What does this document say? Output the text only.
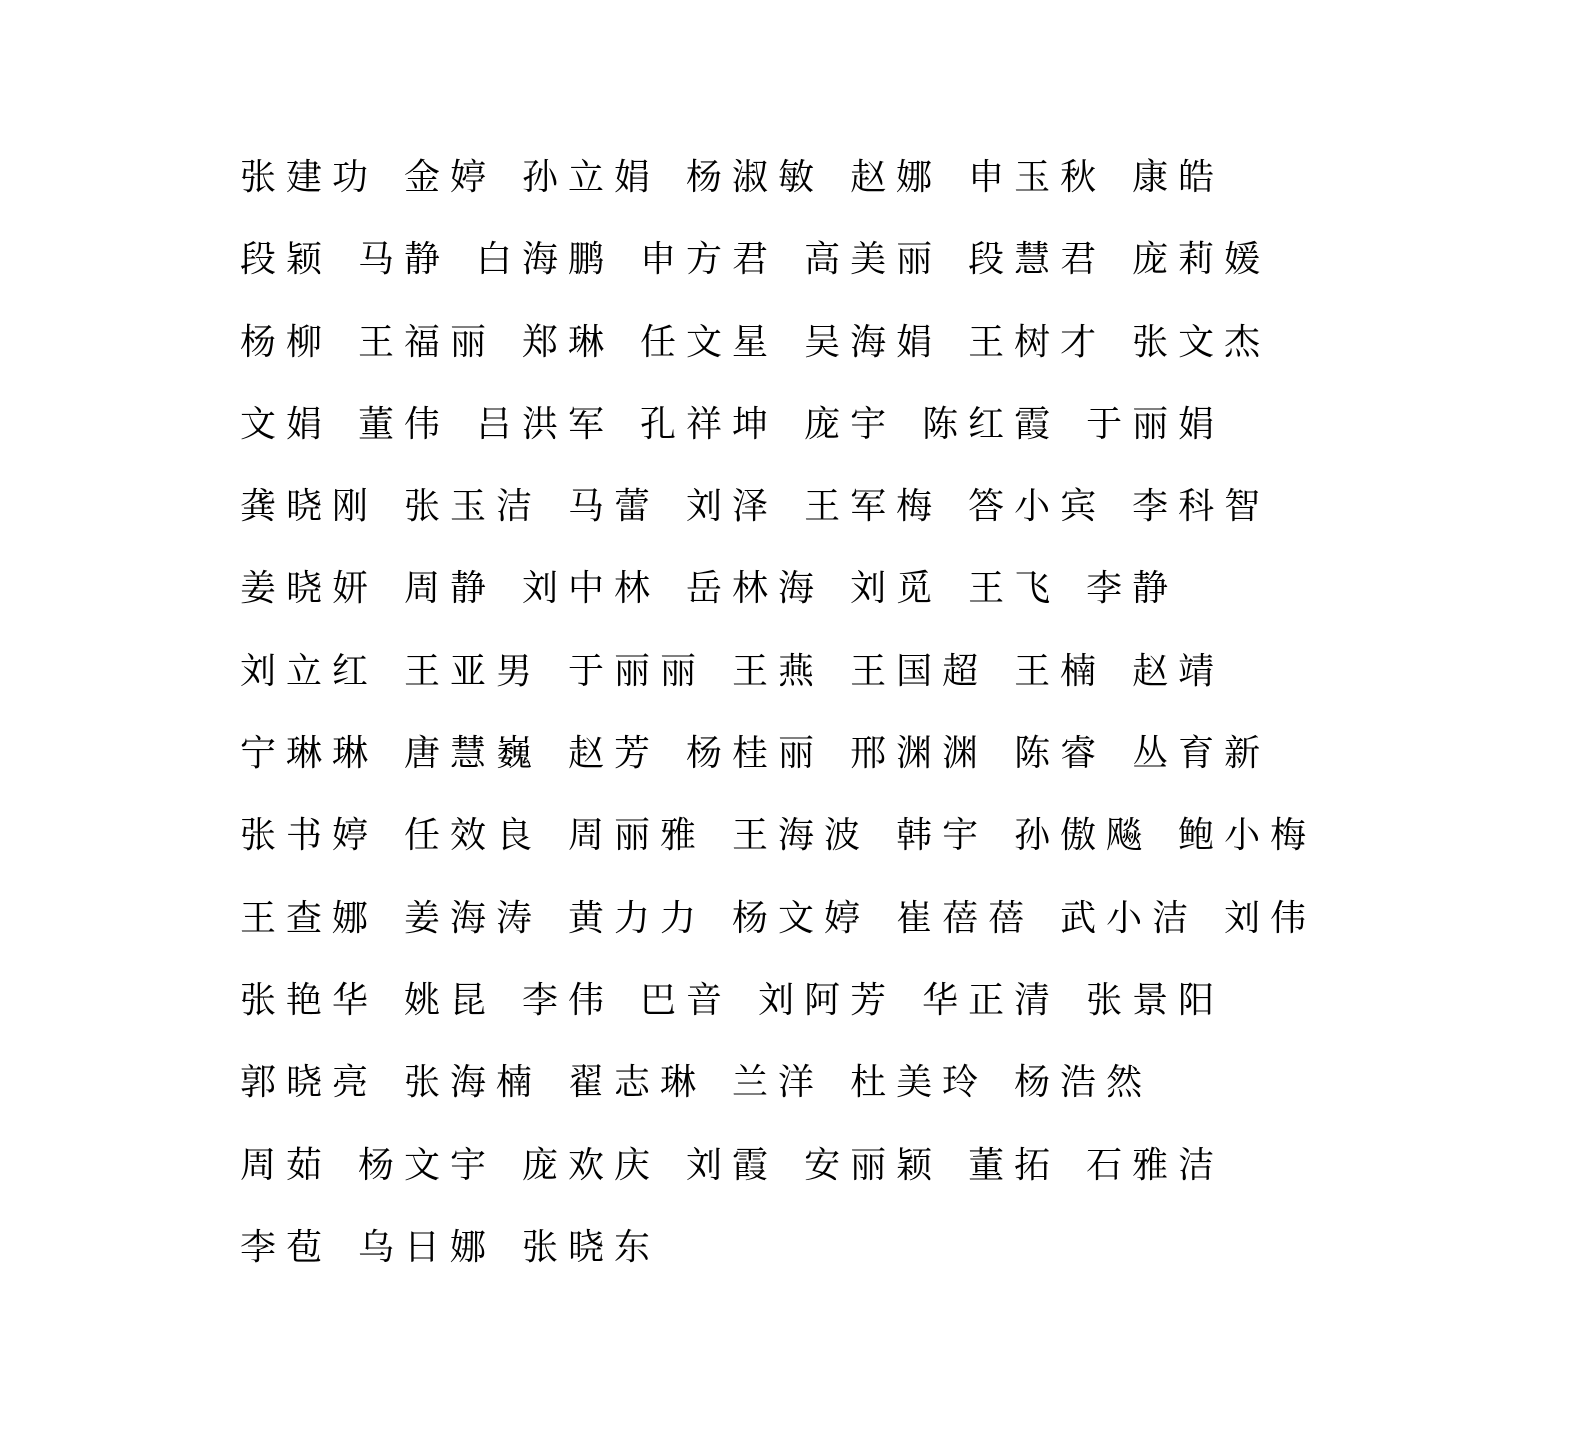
张建功 金婷 孙立娟 杨淑敏 赵娜 申玉秋 康皓
段颖 马静 白海鹏 申方君 高美丽 段慧君 庞莉媛
杨柳 王福丽 郑琳 任文星 吴海娟 王树才 张文杰
文娟 董伟 吕洪军 孔祥坤 庞宇 陈红霞 于丽娟
龚晓刚 张玉洁 马蕾 刘泽 王军梅 答小宾 李科智
姜晓妍 周静 刘中林 岳林海 刘觅 王飞 李静
刘立红 王亚男 于丽丽 王燕 王国超 王楠 赵靖
宁琳琳 唐慧巍 赵芳 杨桂丽 邢渊渊 陈睿 丛育新
张书婷 任效良 周丽雅 王海波 韩宇 孙傲飚 鲍小梅
王查娜 姜海涛 黄力力 杨文婷 崔蓓蓓 武小洁 刘伟
张艳华 姚昆 李伟 巴音 刘阿芳 华正清 张景阳
郭晓亮 张海楠 翟志琳 兰洋 杜美玲 杨浩然
周茹 杨文宇 庞欢庆 刘霞 安丽颖 董拓 石雅洁
李苞 乌日娜 张晓东
